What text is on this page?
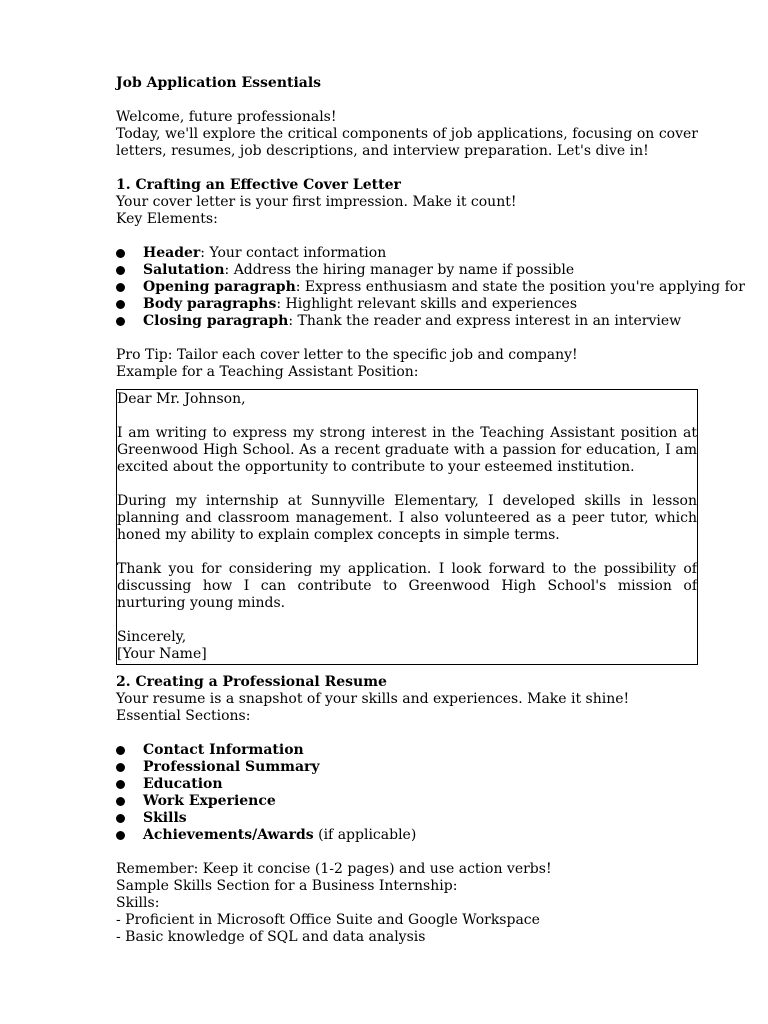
Job Application Essentials

Welcome, future professionals!

Today, we'll explore the critical components of job applications, focusing on cover letters, resumes, job descriptions, and interview preparation. Let's dive in!

1. Crafting an Effective Cover Letter

Your cover letter is your first impression. Make it count!

Key Elements:

Header: Your contact information
Salutation: Address the hiring manager by name if possible
Opening paragraph: Express enthusiasm and state the position you're applying for
Body paragraphs: Highlight relevant skills and experiences
Closing paragraph: Thank the reader and express interest in an interview

Pro Tip: Tailor each cover letter to the specific job and company!

Example for a Teaching Assistant Position:

Dear Mr. Johnson,

I am writing to express my strong interest in the Teaching Assistant position at Greenwood High School. As a recent graduate with a passion for education, I am excited about the opportunity to contribute to your esteemed institution.

During my internship at Sunnyville Elementary, I developed skills in lesson planning and classroom management. I also volunteered as a peer tutor, which honed my ability to explain complex concepts in simple terms.

Thank you for considering my application. I look forward to the possibility of discussing how I can contribute to Greenwood High School's mission of nurturing young minds.

Sincerely,

[Your Name]

2. Creating a Professional Resume

Your resume is a snapshot of your skills and experiences. Make it shine!

Essential Sections:

Contact Information
Professional Summary
Education
Work Experience
Skills
Achievements/Awards (if applicable)

Remember: Keep it concise (1-2 pages) and use action verbs!

Sample Skills Section for a Business Internship:

Skills:

- Proficient in Microsoft Office Suite and Google Workspace

- Basic knowledge of SQL and data analysis
